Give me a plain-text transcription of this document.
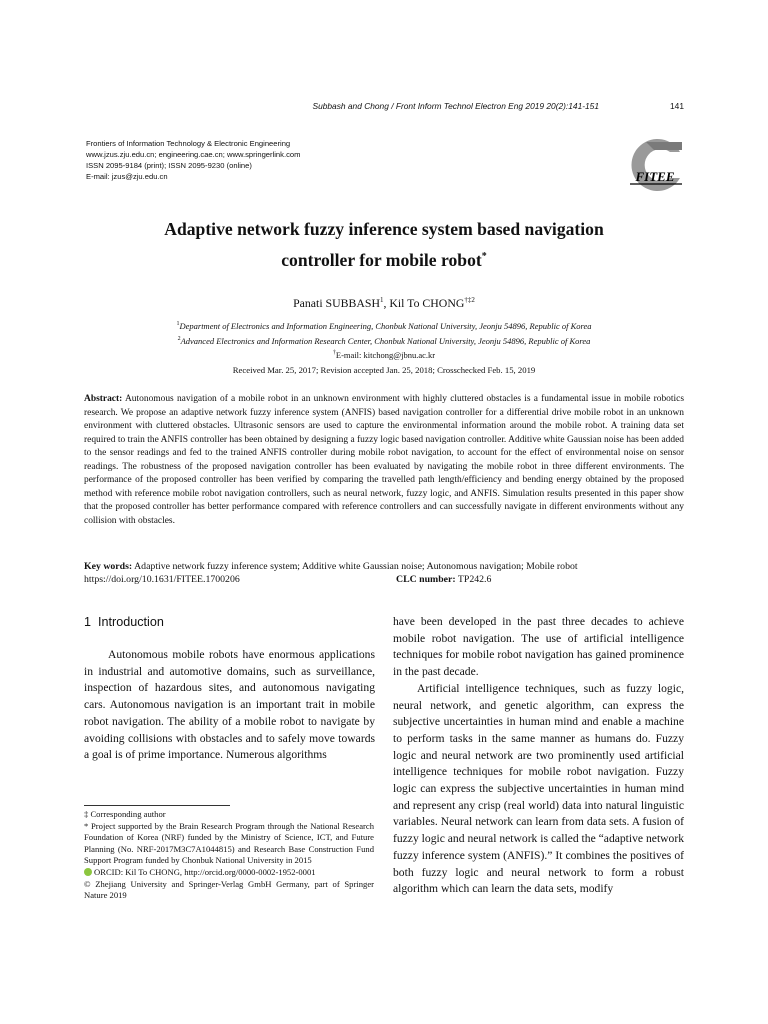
Subbash and Chong / Front Inform Technol Electron Eng 2019 20(2):141-151	141
Frontiers of Information Technology & Electronic Engineering
www.jzus.zju.edu.cn; engineering.cae.cn; www.springerlink.com
ISSN 2095-9184 (print); ISSN 2095-9230 (online)
E-mail: jzus@zju.edu.cn	FITEE
Adaptive network fuzzy inference system based navigation
controller for mobile robot*
Panati SUBBASH$^1$, Kil To CHONG$^{\dagger\ddagger 2}$
$^1$Department of Electronics and Information Engineering, Chonbuk National University, Jeonju 54896, Republic of Korea
$^2$Advanced Electronics and Information Research Center, Chonbuk National University, Jeonju 54896, Republic of Korea
†E-mail: kitchong@jbnu.ac.kr
Received Mar. 25, 2017; Revision accepted Jan. 25, 2018; Crosschecked Feb. 15, 2019
Abstract: Autonomous navigation of a mobile robot in an unknown environment with highly cluttered obstacles is a fundamental issue in mobile robotics research. We propose an adaptive network fuzzy inference system (ANFIS) based navigation controller for a differential drive mobile robot in an unknown environment with cluttered obstacles. Ultrasonic sensors are used to capture the environmental information around the mobile robot. A training data set required to train the ANFIS controller has been obtained by designing a fuzzy logic based navigation controller. Additive white Gaussian noise has been added to the sensor readings and fed to the trained ANFIS controller during mobile robot navigation, to account for the effect of environmental noise on sensor readings. The robustness of the proposed navigation controller has been evaluated by navigating the mobile robot in three different environments. The performance of the proposed controller has been verified by comparing the travelled path length/efficiency and bending energy obtained by the proposed method with reference mobile robot navigation controllers, such as neural network, fuzzy logic, and ANFIS. Simulation results presented in this paper show that the proposed controller has better performance compared with reference controllers and can successfully navigate in different environments without any collision with obstacles.
Key words: Adaptive network fuzzy inference system; Additive white Gaussian noise; Autonomous navigation; Mobile robot
https://doi.org/10.1631/FITEE.1700206	CLC number: TP242.6
1 Introduction

Autonomous mobile robots have enormous applications in industrial and automotive domains, such as surveillance, inspection of hazardous sites, and autonomous navigating cars. Autonomous navigation is an important trait in mobile robot navigation. The ability of a mobile robot to navigate by avoiding collisions with obstacles and to safely move towards a goal is of prime importance. Numerous algorithms

‡ Corresponding author
* Project supported by the Brain Research Program through the National Research Foundation of Korea (NRF) funded by the Ministry of Science, ICT, and Future Planning (No. NRF-2017M3C7A1044815) and Research Base Construction Fund Support Program funded by Chonbuk National University in 2015
ORCID: Kil To CHONG, http://orcid.org/0000-0002-1952-0001
© Zhejiang University and Springer-Verlag GmbH Germany, part of Springer Nature 2019

have been developed in the past three decades to achieve mobile robot navigation. The use of artificial intelligence techniques for mobile robot navigation has gained prominence in the past decade.

Artificial intelligence techniques, such as fuzzy logic, neural network, and genetic algorithm, can express the subjective uncertainties in human mind and enable a machine to perform tasks in the same manner as humans do. Fuzzy logic and neural network are two prominently used artificial intelligence techniques for mobile robot navigation. Fuzzy logic can express the subjective uncertainties in human mind and represent any crisp (real world) data into natural linguistic variables. Neural network can learn from data sets. A fusion of fuzzy logic and neural network is called the “adaptive network fuzzy inference system (ANFIS).” It combines the positives of both fuzzy logic and neural network to form a robust algorithm which can learn the data sets, modify
